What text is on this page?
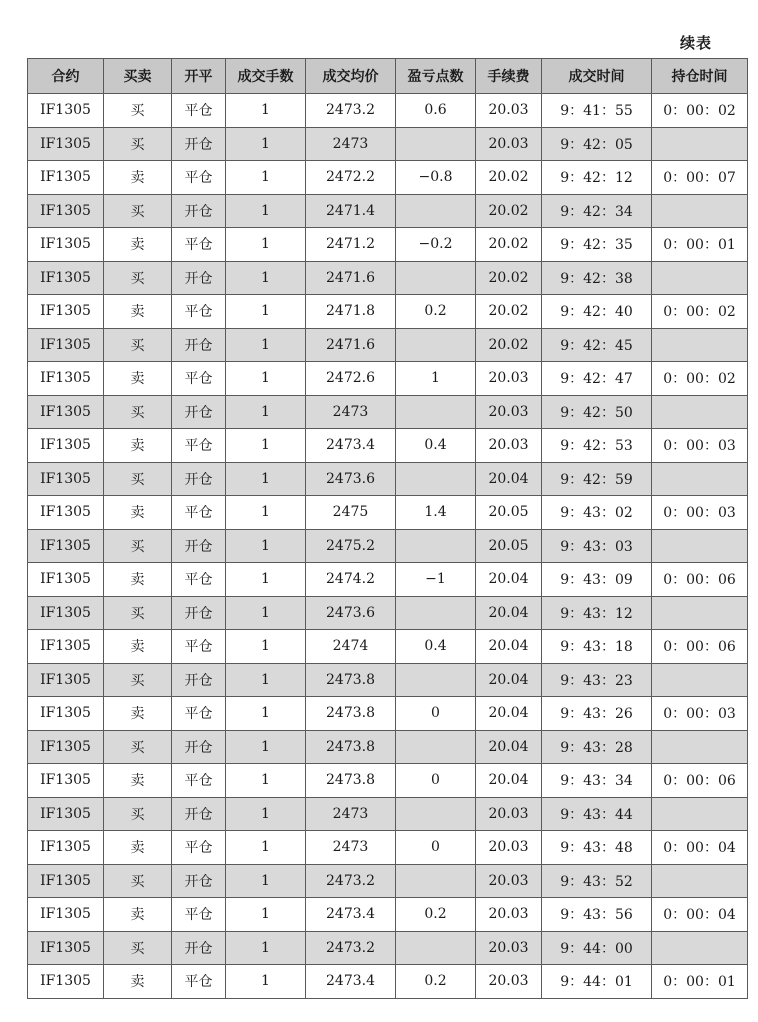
续表
合约	买卖	开平	成交手数	成交均价	盈亏点数	手续费	成交时间	持仓时间
IF1305	买	平仓	1	2473.2	0.6	20.03	9：41：55	0：00：02
IF1305	买	开仓	1	2473		20.03	9：42：05	
IF1305	卖	平仓	1	2472.2	−0.8	20.02	9：42：12	0：00：07
IF1305	买	开仓	1	2471.4		20.02	9：42：34	
IF1305	卖	平仓	1	2471.2	−0.2	20.02	9：42：35	0：00：01
IF1305	买	开仓	1	2471.6		20.02	9：42：38	
IF1305	卖	平仓	1	2471.8	0.2	20.02	9：42：40	0：00：02
IF1305	买	开仓	1	2471.6		20.02	9：42：45	
IF1305	卖	平仓	1	2472.6	1	20.03	9：42：47	0：00：02
IF1305	买	开仓	1	2473		20.03	9：42：50	
IF1305	卖	平仓	1	2473.4	0.4	20.03	9：42：53	0：00：03
IF1305	买	开仓	1	2473.6		20.04	9：42：59	
IF1305	卖	平仓	1	2475	1.4	20.05	9：43：02	0：00：03
IF1305	买	开仓	1	2475.2		20.05	9：43：03	
IF1305	卖	平仓	1	2474.2	−1	20.04	9：43：09	0：00：06
IF1305	买	开仓	1	2473.6		20.04	9：43：12	
IF1305	卖	平仓	1	2474	0.4	20.04	9：43：18	0：00：06
IF1305	买	开仓	1	2473.8		20.04	9：43：23	
IF1305	卖	平仓	1	2473.8	0	20.04	9：43：26	0：00：03
IF1305	买	开仓	1	2473.8		20.04	9：43：28	
IF1305	卖	平仓	1	2473.8	0	20.04	9：43：34	0：00：06
IF1305	买	开仓	1	2473		20.03	9：43：44	
IF1305	卖	平仓	1	2473	0	20.03	9：43：48	0：00：04
IF1305	买	开仓	1	2473.2		20.03	9：43：52	
IF1305	卖	平仓	1	2473.4	0.2	20.03	9：43：56	0：00：04
IF1305	买	开仓	1	2473.2		20.03	9：44：00	
IF1305	卖	平仓	1	2473.4	0.2	20.03	9：44：01	0：00：01
